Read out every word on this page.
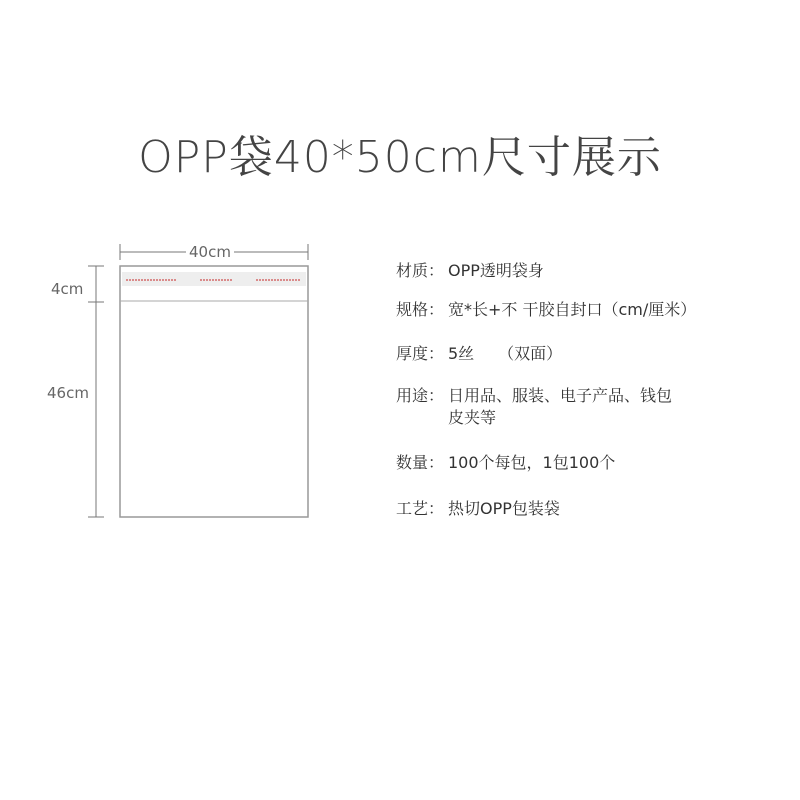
OPP袋40*50cm尺寸展示
40cm
4cm
46cm
材质： OPP透明袋身
规格： 宽*长+不 干胶自封口（cm/厘米）
厚度： 5丝　　（双面）
用途： 日用品、服装、电子产品、钱包
皮夹等
数量： 100个每包，1包100个
工艺： 热切OPP包装袋
